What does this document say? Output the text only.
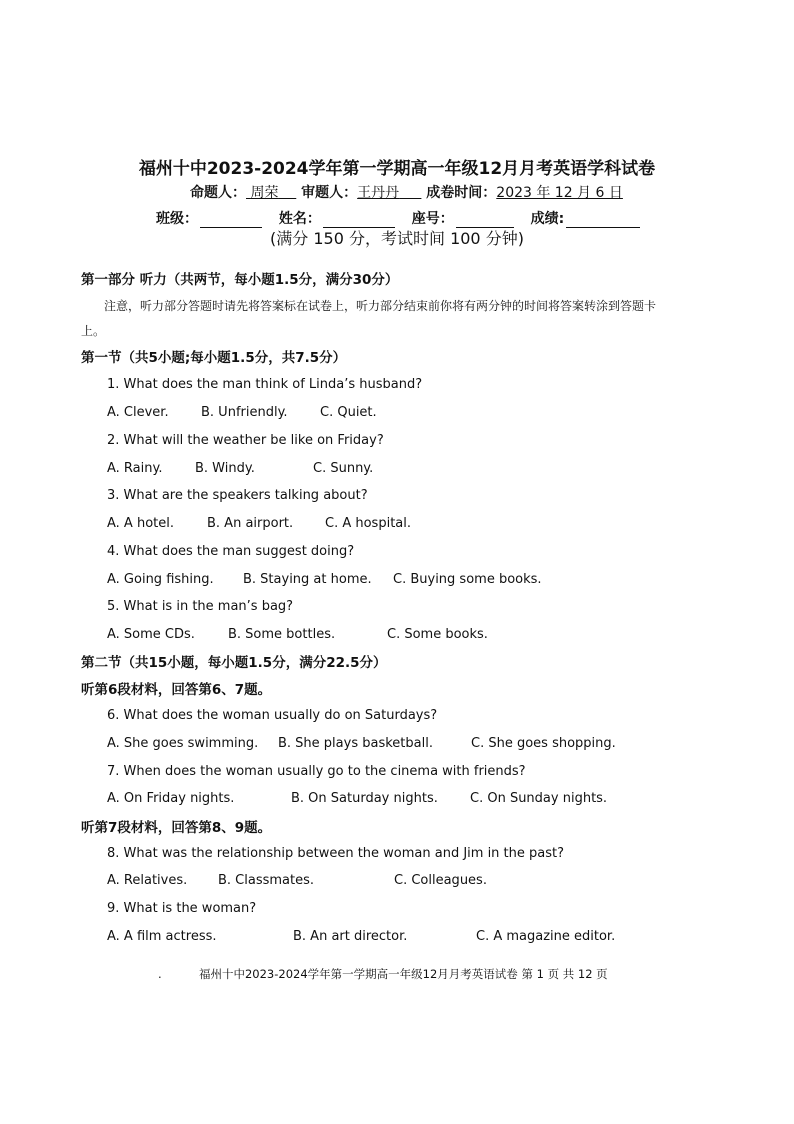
福州十中2023-2024学年第一学期高一年级12月月考英语学科试卷
命题人： 周荣 审题人：王丹丹 成卷时间：2023 年 12 月 6 日
班级：	姓名：	座号：	成绩:
(满分 150 分，考试时间 100 分钟)
第一部分 听力（共两节，每小题1.5分，满分30分）
注意，听力部分答题时请先将答案标在试卷上，听力部分结束前你将有两分钟的时间将答案转涂到答题卡
上。
第一节（共5小题;每小题1.5分，共7.5分）
1. What does the man think of Linda’s husband?
A. Clever. B. Unfriendly. C. Quiet.
2. What will the weather be like on Friday?
A. Rainy.	B. Windy.	C. Sunny.
3. What are the speakers talking about?
A. A hotel.	B. An airport. C. A hospital.
4. What does the man suggest doing?
A. Going fishing. B. Staying at home. C. Buying some books.
5. What is in the man’s bag?
A. Some CDs.	B. Some bottles.	C. Some books.
第二节（共15小题，每小题1.5分，满分22.5分）
听第6段材料，回答第6、7题。
6. What does the woman usually do on Saturdays?
A. She goes swimming. B. She plays basketball.	C. She goes shopping.
7. When does the woman usually go to the cinema with friends?
A. On Friday nights.	B. On Saturday nights. C. On Sunday nights.
听第7段材料，回答第8、9题。
8. What was the relationship between the woman and Jim in the past?
A. Relatives. B. Classmates.	C. Colleagues.
9. What is the woman?
A. A film actress.	B. An art director.	C. A magazine editor.
.	福州十中2023-2024学年第一学期高一年级12月月考英语试卷 第 1 页 共 12 页
